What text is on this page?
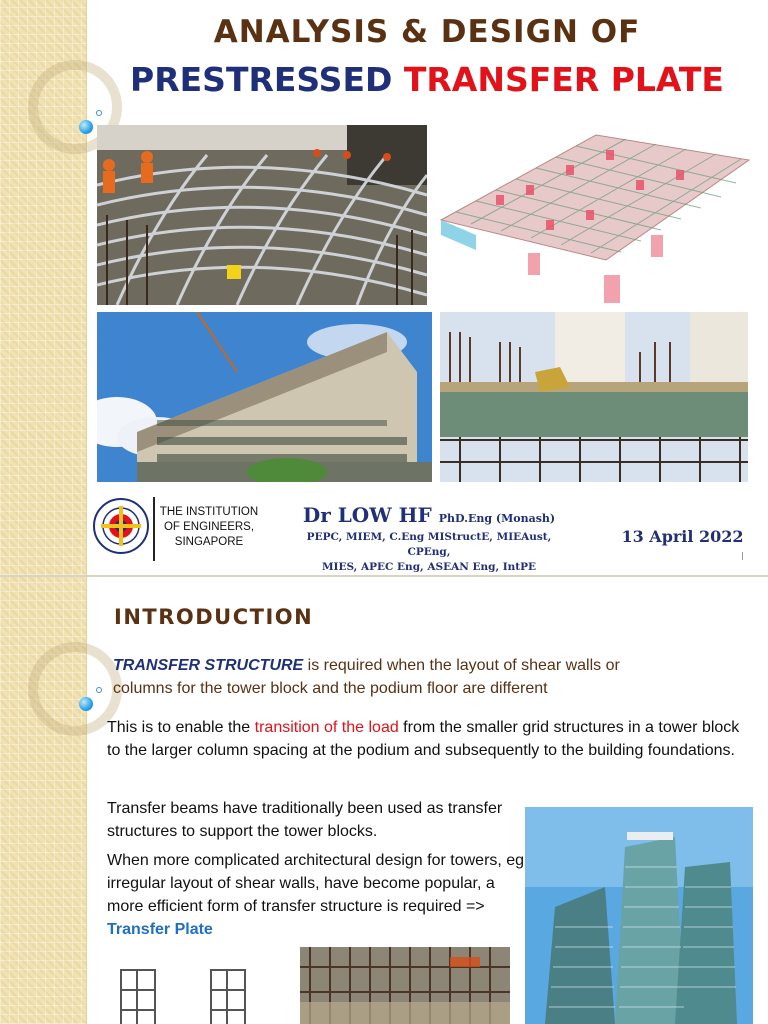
ANALYSIS & DESIGN OF
PRESTRESSED TRANSFER PLATE
THE INSTITUTION
OF ENGINEERS,
SINGAPORE
Dr LOW HF PhD.Eng (Monash)
PEPC, MIEM, C.Eng MIStructE, MIEAust, CPEng,
MIES, APEC Eng, ASEAN Eng, IntPE
13 April 2022
INTRODUCTION
TRANSFER STRUCTURE is required when the layout of shear walls or
columns for the tower block and the podium floor are different
This is to enable the transition of the load from the smaller grid structures in a tower block to the larger column spacing at the podium and subsequently to the building foundations.
Transfer beams have traditionally been used as transfer structures to support the tower blocks.
When more complicated architectural design for towers, eg irregular layout of shear walls, have become popular, a more efficient form of transfer structure is required => Transfer Plate
